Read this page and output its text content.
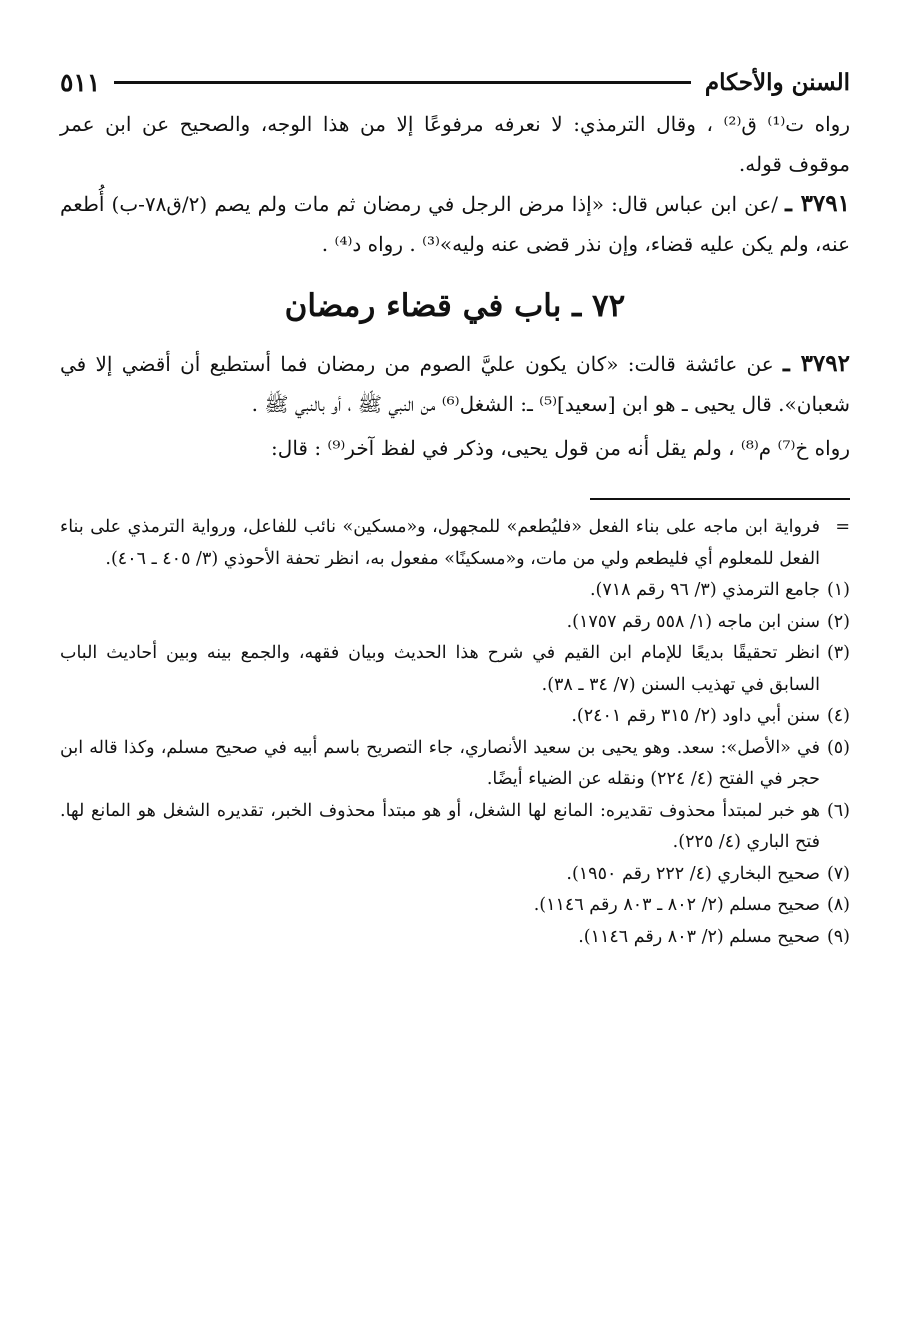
السنن والأحكام
٥١١

رواه ت⁽¹⁾ ق⁽²⁾ ، وقال الترمذي: لا نعرفه مرفوعًا إلا من هذا الوجه، والصحيح عن ابن عمر موقوف قوله.

٣٧٩١ ـ /عن ابن عباس قال: «إذا مرض الرجل في رمضان ثم مات ولم يصم (٢/ق٧٨-ب) أُطعم عنه، ولم يكن عليه قضاء، وإن نذر قضى عنه وليه»⁽³⁾ . رواه د⁽⁴⁾ .

٧٢ ـ باب في قضاء رمضان

٣٧٩٢ ـ عن عائشة قالت: «كان يكون عليَّ الصوم من رمضان فما أستطيع أن أقضي إلا في شعبان». قال يحيى ـ هو ابن [سعيد]⁽⁵⁾ ـ: الشغل⁽⁶⁾ من النبي ﷺ ، أو بالنبي ﷺ .

رواه خ⁽⁷⁾ م⁽⁸⁾ ، ولم يقل أنه من قول يحيى، وذكر في لفظ آخر⁽⁹⁾ : قال:

=
فرواية ابن ماجه على بناء الفعل «فليُطعم» للمجهول، و«مسكين» نائب للفاعل، ورواية الترمذي على بناء الفعل للمعلوم أي فليطعم ولي من مات، و«مسكينًا» مفعول به، انظر تحفة الأحوذي (٣/ ٤٠٥ ـ ٤٠٦).

(١)
جامع الترمذي (٣/ ٩٦ رقم ٧١٨).

(٢)
سنن ابن ماجه (١/ ٥٥٨ رقم ١٧٥٧).

(٣)
انظر تحقيقًا بديعًا للإمام ابن القيم في شرح هذا الحديث وبيان فقهه، والجمع بينه وبين أحاديث الباب السابق في تهذيب السنن (٧/ ٣٤ ـ ٣٨).

(٤)
سنن أبي داود (٢/ ٣١٥ رقم ٢٤٠١).

(٥)
في «الأصل»: سعد. وهو يحيى بن سعيد الأنصاري، جاء التصريح باسم أبيه في صحيح مسلم، وكذا قاله ابن حجر في الفتح (٤/ ٢٢٤) ونقله عن الضياء أيضًا.

(٦)
هو خبر لمبتدأ محذوف تقديره: المانع لها الشغل، أو هو مبتدأ محذوف الخبر، تقديره الشغل هو المانع لها. فتح الباري (٤/ ٢٢٥).

(٧)
صحيح البخاري (٤/ ٢٢٢ رقم ١٩٥٠).

(٨)
صحيح مسلم (٢/ ٨٠٢ ـ ٨٠٣ رقم ١١٤٦).

(٩)
صحيح مسلم (٢/ ٨٠٣ رقم ١١٤٦).
